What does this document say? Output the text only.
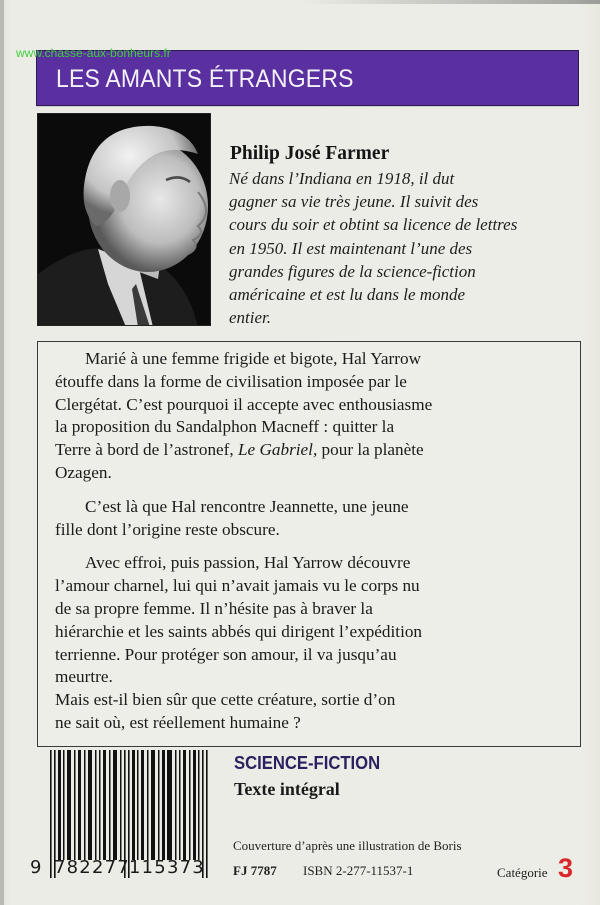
www.chasse-aux-bonheurs.fr
LES AMANTS ÉTRANGERS
Philip José Farmer
Né dans l’Indiana en 1918, il dut
gagner sa vie très jeune. Il suivit des
cours du soir et obtint sa licence de lettres
en 1950. Il est maintenant l’une des
grandes figures de la science-fiction
américaine et est lu dans le monde
entier.
Marié à une femme frigide et bigote, Hal Yarrow
étouffe dans la forme de civilisation imposée par le
Clergétat. C’est pourquoi il accepte avec enthousiasme
la proposition du Sandalphon Macneff : quitter la
Terre à bord de l’astronef, Le Gabriel, pour la planète
Ozagen.
C’est là que Hal rencontre Jeannette, une jeune
fille dont l’origine reste obscure.
Avec effroi, puis passion, Hal Yarrow découvre
l’amour charnel, lui qui n’avait jamais vu le corps nu
de sa propre femme. Il n’hésite pas à braver la
hiérarchie et les saints abbés qui dirigent l’expédition
terrienne. Pour protéger son amour, il va jusqu’au
meurtre.
Mais est-il bien sûr que cette créature, sortie d’on
ne sait où, est réellement humaine ?
9 782277 115373
SCIENCE-FICTION
Texte intégral
Couverture d’après une illustration de Boris
FJ 7787 ISBN 2-277-11537-1	Catégorie 3
